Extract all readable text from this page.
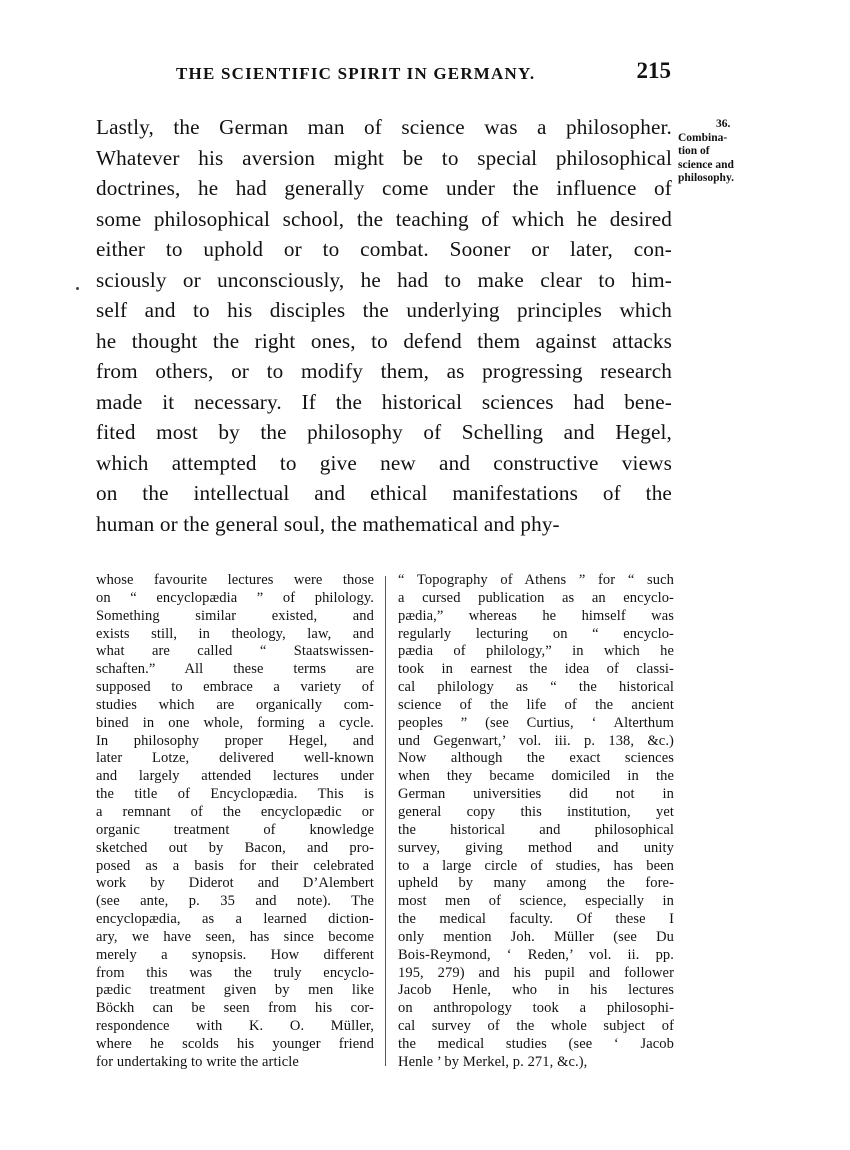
THE SCIENTIFIC SPIRIT IN GERMANY.	215
Lastly, the German man of science was a philosopher.
Whatever his aversion might be to special philosophical
doctrines, he had generally come under the influence of
some philosophical school, the teaching of which he desired
either to uphold or to combat. Sooner or later, con-
sciously or unconsciously, he had to make clear to him-
self and to his disciples the underlying principles which
he thought the right ones, to defend them against attacks
from others, or to modify them, as progressing research
made it necessary. If the historical sciences had bene-
fited most by the philosophy of Schelling and Hegel,
which attempted to give new and constructive views
on the intellectual and ethical manifestations of the
human or the general soul, the mathematical and phy-
36.
Combina-
tion of
science and
philosophy.
whose favourite lectures were those
on “ encyclopædia ” of philology.
Something similar existed, and
exists still, in theology, law, and
what are called “ Staatswissen-
schaften.” All these terms are
supposed to embrace a variety of
studies which are organically com-
bined in one whole, forming a cycle.
In philosophy proper Hegel, and
later Lotze, delivered well-known
and largely attended lectures under
the title of Encyclopædia. This is
a remnant of the encyclopædic or
organic treatment of knowledge
sketched out by Bacon, and pro-
posed as a basis for their celebrated
work by Diderot and D’Alembert
(see ante, p. 35 and note). The
encyclopædia, as a learned diction-
ary, we have seen, has since become
merely a synopsis. How different
from this was the truly encyclo-
pædic treatment given by men like
Böckh can be seen from his cor-
respondence with K. O. Müller,
where he scolds his younger friend
for undertaking to write the article
“ Topography of Athens ” for “ such
a cursed publication as an encyclo-
pædia,” whereas he himself was
regularly lecturing on “ encyclo-
pædia of philology,” in which he
took in earnest the idea of classi-
cal philology as “ the historical
science of the life of the ancient
peoples ” (see Curtius, ‘ Alterthum
und Gegenwart,’ vol. iii. p. 138, &c.)
Now although the exact sciences
when they became domiciled in the
German universities did not in
general copy this institution, yet
the historical and philosophical
survey, giving method and unity
to a large circle of studies, has been
upheld by many among the fore-
most men of science, especially in
the medical faculty. Of these I
only mention Joh. Müller (see Du
Bois-Reymond, ‘ Reden,’ vol. ii. pp.
195, 279) and his pupil and follower
Jacob Henle, who in his lectures
on anthropology took a philosophi-
cal survey of the whole subject of
the medical studies (see ‘ Jacob
Henle ’ by Merkel, p. 271, &c.),
